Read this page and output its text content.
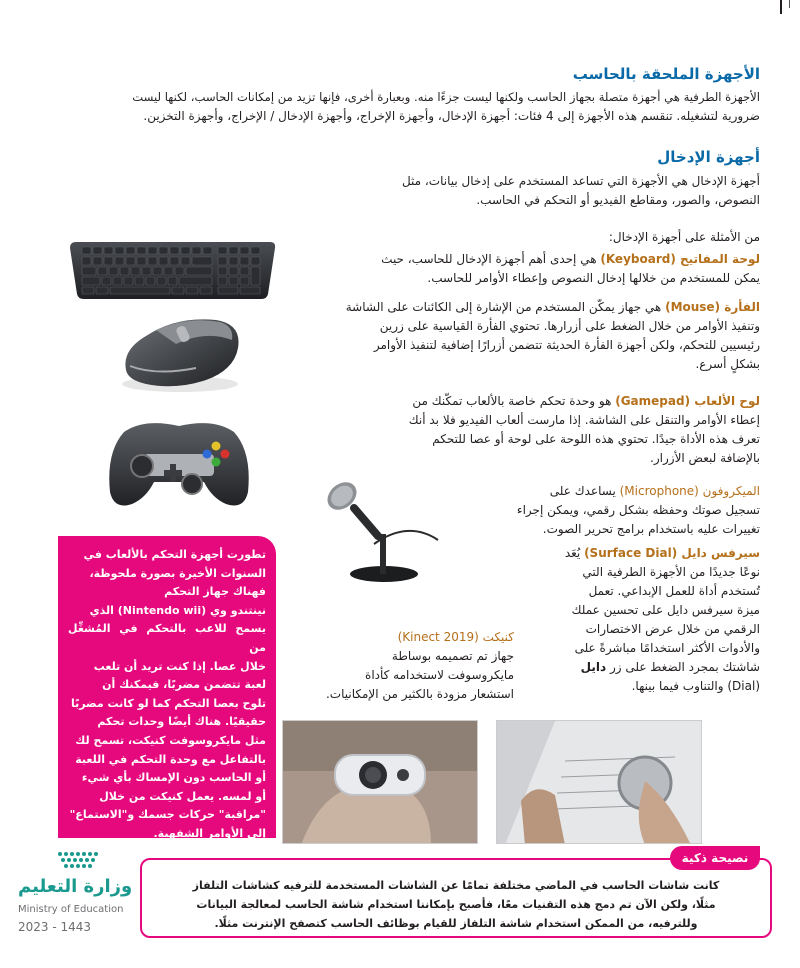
الأجهزة الملحقة بالحاسب
الأجهزة الطرفية هي أجهزة متصلة بجهاز الحاسب ولكنها ليست جزءًا منه. وبعبارة أخرى، فإنها تزيد من إمكانات الحاسب، لكنها ليست
ضرورية لتشغيله. تنقسم هذه الأجهزة إلى 4 فئات: أجهزة الإدخال، وأجهزة الإخراج، وأجهزة الإدخال / الإخراج، وأجهزة التخزين.
أجهزة الإدخال
أجهزة الإدخال هي الأجهزة التي تساعد المستخدم على إدخال بيانات، مثل
النصوص، والصور، ومقاطع الفيديو أو التحكم في الحاسب.
من الأمثلة على أجهزة الإدخال:

لوحة المفاتيح (Keyboard) هي إحدى أهم أجهزة الإدخال للحاسب، حيث

يمكن للمستخدم من خلالها إدخال النصوص وإعطاء الأوامر للحاسب.

الفأرة (Mouse) هي جهاز يمكّن المستخدم من الإشارة إلى الكائنات على الشاشة

وتنفيذ الأوامر من خلال الضغط على أزرارها. تحتوي الفأرة القياسية على زرين

رئيسيين للتحكم، ولكن أجهزة الفأرة الحديثة تتضمن أزرارًا إضافية لتنفيذ الأوامر

بشكلٍ أسرع.

لوح الألعاب (Gamepad) هو وحدة تحكم خاصة بالألعاب تمكّنك من

إعطاء الأوامر والتنقل على الشاشة. إذا مارست ألعاب الفيديو فلا بد أنك

تعرف هذه الأداة جيدًا. تحتوي هذه اللوحة على لوحة أو عصا للتحكم

بالإضافة لبعض الأزرار.

الميكروفون (Microphone) يساعدك على

تسجيل صوتك وحفظه بشكل رقمي، ويمكن إجراء

تغييرات عليه باستخدام برامج تحرير الصوت.

سيرفس دايل (Surface Dial) يُعَد

نوعًا جديدًا من الأجهزة الطرفية التي

تُستخدم أداة للعمل الإبداعي. تعمل

ميزة سيرفس دايل على تحسين عملك

الرقمي من خلال عرض الاختصارات

والأدوات الأكثر استخدامًا مباشرةً على

شاشتك بمجرد الضغط على زر دايل

(Dial) والتناوب فيما بينها.

كنيكت (Kinect 2019)

جهاز تم تصميمه بوساطة

مايكروسوفت لاستخدامه كأداة

استشعار مزودة بالكثير من الإمكانيات.

تطورت أجهزة التحكم بالألعاب في
السنوات الأخيرة بصورة ملحوظة،
فهناك جهاز التحكم
نينتندو وي (Nintendo wii) الذي
يسمح للاعب بالتحكم في المُشغِّل من
خلال عصا. إذا كنت تريد أن تلعب
لعبة تتضمن مضربًا، فيمكنك أن
تلوح بعصا التحكم كما لو كانت مضربًا
حقيقيًا. هناك أيضًا وحدات تحكم
مثل مايكروسوفت كنيكت، تسمح لك
بالتفاعل مع وحدة التحكم في اللعبة
أو الحاسب دون الإمساك بأي شيء
أو لمسه. يعمل كنيكت من خلال
"مراقبة" حركات جسمك و"الاستماع"
إلى الأوامر الشفهية.
كانت شاشات الحاسب في الماضي مختلفة تمامًا عن الشاشات المستخدمة للترفيه كشاشات التلفاز
مثلًا، ولكن الآن تم دمج هذه التقنيات معًا، فأصبح بإمكاننا استخدام شاشة الحاسب لمعالجة البيانات
وللترفيه، من الممكن استخدام شاشة التلفاز للقيام بوظائف الحاسب كتصفح الإنترنت مثلًا.
نصيحة ذكية
وزارة التعليم
Ministry of Education
2023 - 1443
